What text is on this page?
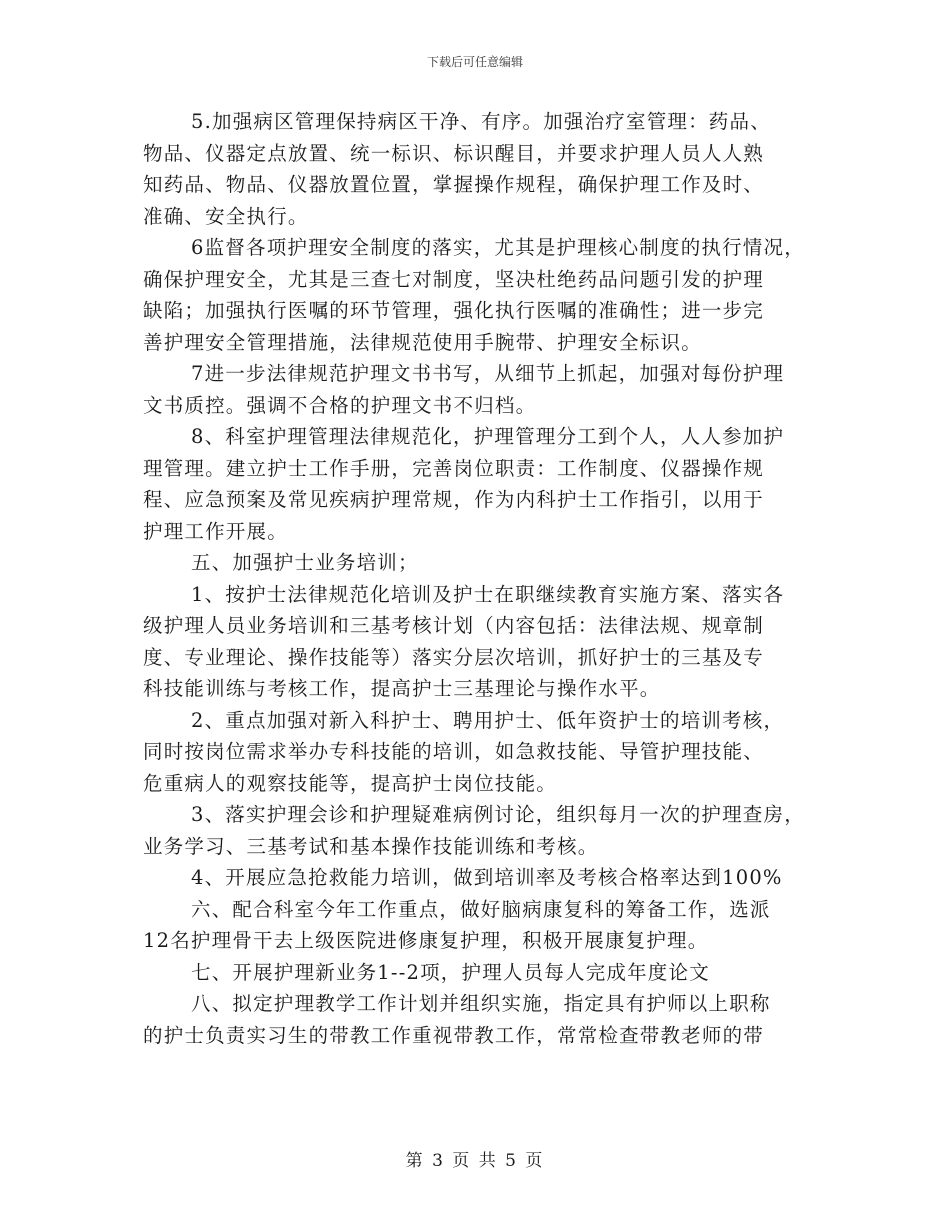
下载后可任意编辑
5.加强病区管理保持病区干净、有序。加强治疗室管理：药品、
物品、仪器定点放置、统一标识、标识醒目，并要求护理人员人人熟
知药品、物品、仪器放置位置，掌握操作规程，确保护理工作及时、
准确、安全执行。
6监督各项护理安全制度的落实，尤其是护理核心制度的执行情况，
确保护理安全，尤其是三查七对制度，坚决杜绝药品问题引发的护理
缺陷；加强执行医嘱的环节管理，强化执行医嘱的准确性；进一步完
善护理安全管理措施，法律规范使用手腕带、护理安全标识。
7进一步法律规范护理文书书写，从细节上抓起，加强对每份护理
文书质控。强调不合格的护理文书不归档。
8、科室护理管理法律规范化，护理管理分工到个人，人人参加护
理管理。建立护士工作手册，完善岗位职责：工作制度、仪器操作规
程、应急预案及常见疾病护理常规，作为内科护士工作指引，以用于
护理工作开展。
五、加强护士业务培训；
1、按护士法律规范化培训及护士在职继续教育实施方案、落实各
级护理人员业务培训和三基考核计划（内容包括：法律法规、规章制
度、专业理论、操作技能等）落实分层次培训，抓好护士的三基及专
科技能训练与考核工作，提高护士三基理论与操作水平。
2、重点加强对新入科护士、聘用护士、低年资护士的培训考核，
同时按岗位需求举办专科技能的培训，如急救技能、导管护理技能、
危重病人的观察技能等，提高护士岗位技能。
3、落实护理会诊和护理疑难病例讨论，组织每月一次的护理查房，
业务学习、三基考试和基本操作技能训练和考核。
4、开展应急抢救能力培训，做到培训率及考核合格率达到100%
六、配合科室今年工作重点，做好脑病康复科的筹备工作，选派
12名护理骨干去上级医院进修康复护理，积极开展康复护理。
七、开展护理新业务1--2项，护理人员每人完成年度论文
八、拟定护理教学工作计划并组织实施，指定具有护师以上职称
的护士负责实习生的带教工作重视带教工作，常常检查带教老师的带
第 3 页 共 5 页
